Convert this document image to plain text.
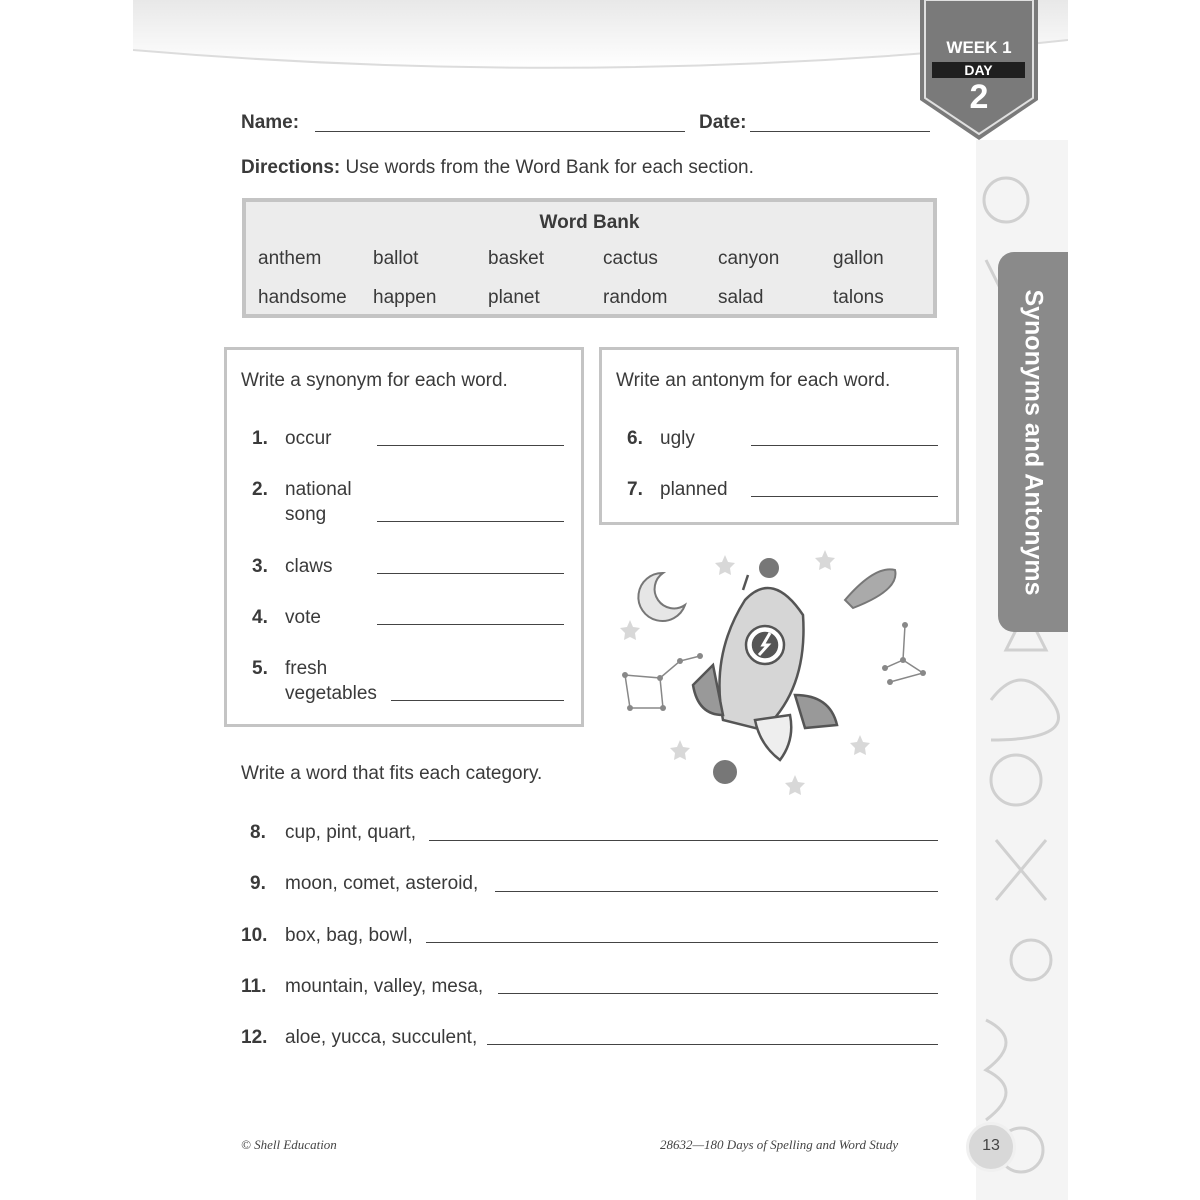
Synonyms and Antonyms
WEEK 1
DAY
2
Name:	Date:
Directions: Use words from the Word Bank for each section.
Word Bank
anthem	ballot	basket	cactus	canyon	gallon
handsome	happen	planet	random	salad	talons
Write a synonym for each word.
1. occur
2. national
song
3. claws
4. vote
5. fresh
vegetables
Write an antonym for each word.
6. ugly
7. planned
Write a word that fits each category.
8. cup, pint, quart,
9. moon, comet, asteroid,
10. box, bag, bowl,
11. mountain, valley, mesa,
12. aloe, yucca, succulent,
© Shell Education	28632—180 Days of Spelling and Word Study	13
